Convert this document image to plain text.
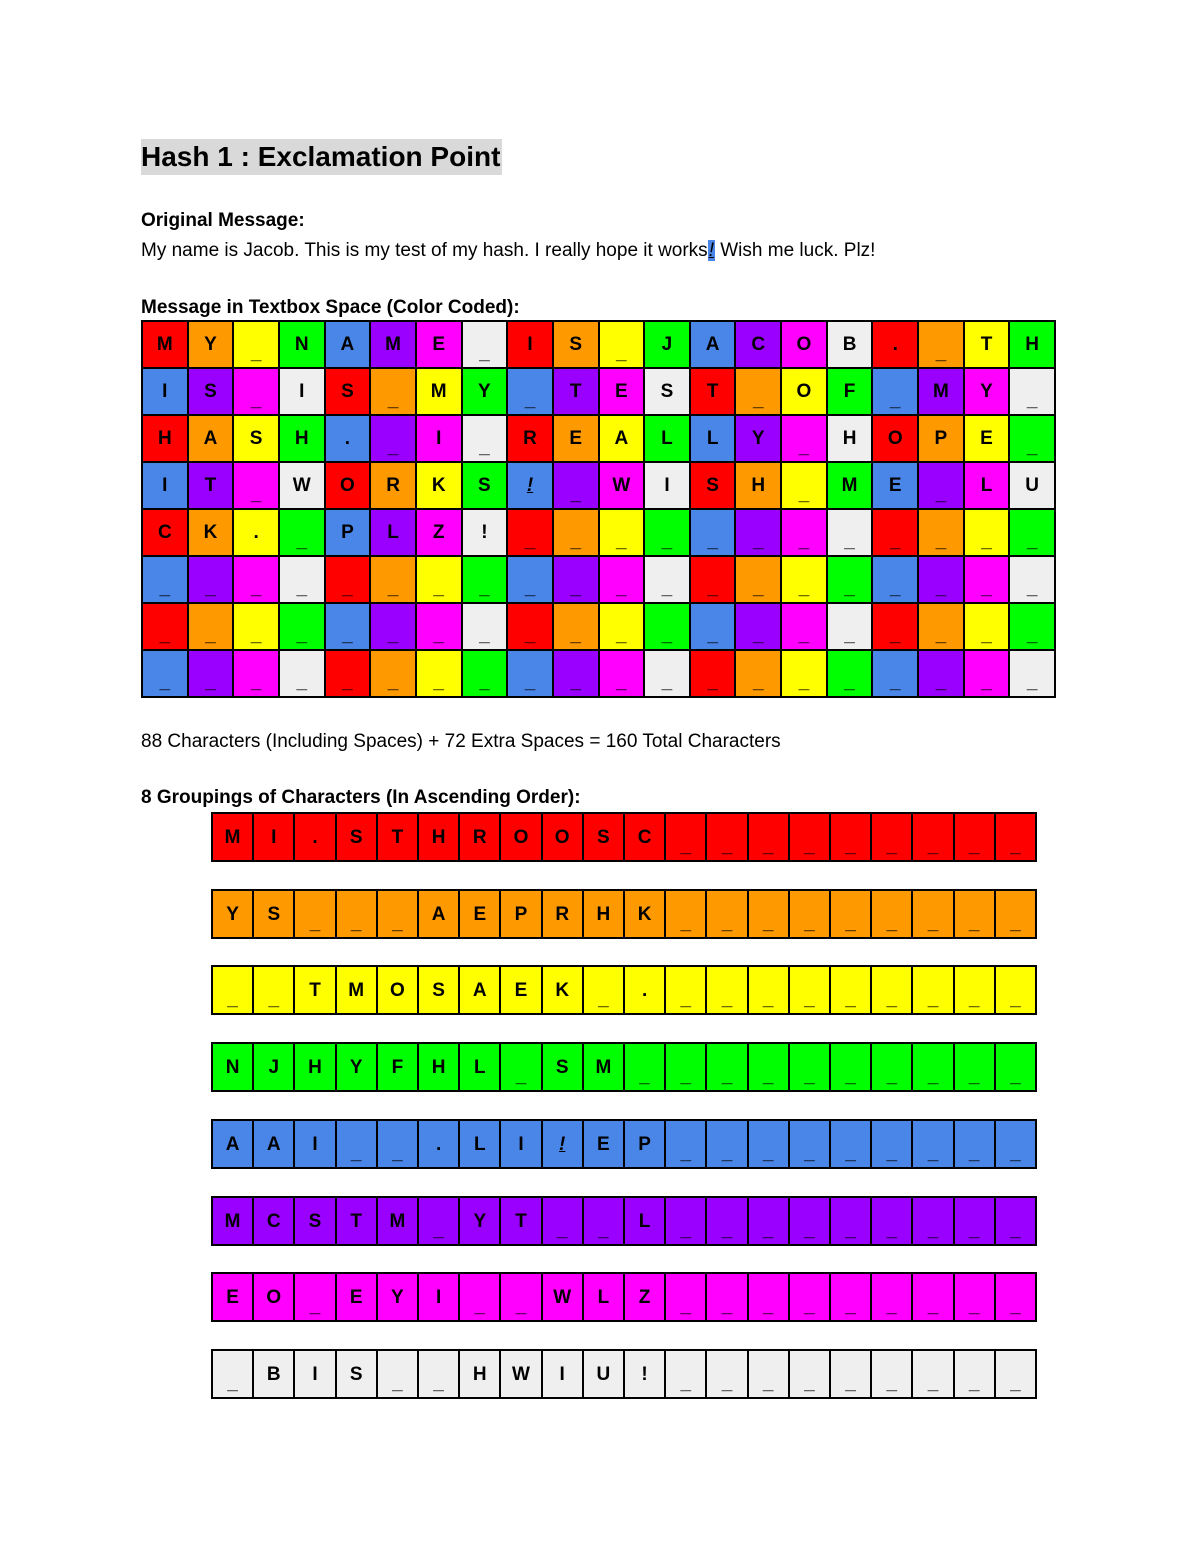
Hash 1 : Exclamation Point
Original Message:
My name is Jacob. This is my test of my hash. I really hope it works! Wish me luck. Plz!
Message in Textbox Space (Color Coded):
M	Y	_	N	A	M	E	_	I	S	_	J	A	C	O	B	.	_	T	H
I	S	_	I	S	_	M	Y	_	T	E	S	T	_	O	F	_	M	Y	_
H	A	S	H	.	_	I	_	R	E	A	L	L	Y	_	H	O	P	E	_
I	T	_	W	O	R	K	S	!	_	W	I	S	H	_	M	E	_	L	U
C	K	.	_	P	L	Z	!	_	_	_	_	_	_	_	_	_	_	_	_
_	_	_	_	_	_	_	_	_	_	_	_	_	_	_	_	_	_	_	_
_	_	_	_	_	_	_	_	_	_	_	_	_	_	_	_	_	_	_	_
_	_	_	_	_	_	_	_	_	_	_	_	_	_	_	_	_	_	_	_
88 Characters (Including Spaces) + 72 Extra Spaces = 160 Total Characters
8 Groupings of Characters (In Ascending Order):
M	I	.	S	T	H	R	O	O	S	C	_	_	_	_	_	_	_	_	_
Y	S	_	_	_	A	E	P	R	H	K	_	_	_	_	_	_	_	_	_
_	_	T	M	O	S	A	E	K	_	.	_	_	_	_	_	_	_	_	_
N	J	H	Y	F	H	L	_	S	M	_	_	_	_	_	_	_	_	_	_
A	A	I	_	_	.	L	I	!	E	P	_	_	_	_	_	_	_	_	_
M	C	S	T	M	_	Y	T	_	_	L	_	_	_	_	_	_	_	_	_
E	O	_	E	Y	I	_	_	W	L	Z	_	_	_	_	_	_	_	_	_
_	B	I	S	_	_	H	W	I	U	!	_	_	_	_	_	_	_	_	_
